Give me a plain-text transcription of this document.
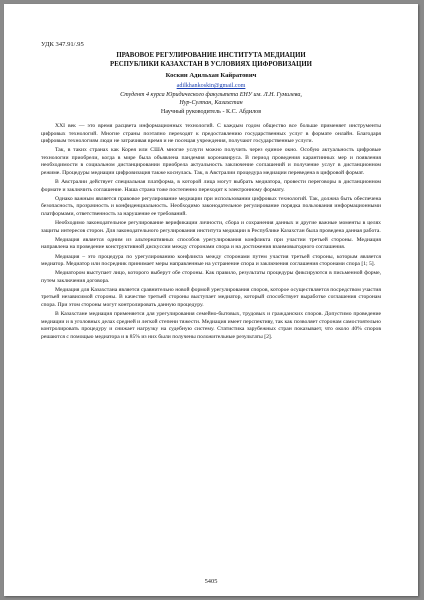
УДК 347.91/.95
ПРАВОВОЕ РЕГУЛИРОВАНИЕ ИНСТИТУТА МЕДИАЦИИ
РЕСПУБЛИКИ КАЗАХСТАН В УСЛОВИЯХ ЦИФРОВИЗАЦИИ
Коскин Адильхан Кайратович
adilkhankoskin@gmail.com
Студент 4 курса Юридического факультета ЕНУ им. Л.Н. Гумилева,
Нур-Султан, Казахстан
Научный руководитель - К.С. Абдилов

XXI век — это время расцвета информационных технологий. С каждым годом общество все больше применяет инструменты цифровых технологий. Многие страны поэтапно переходят к предоставлению государственных услуг в формате онлайн. Благодаря цифровым технологиям люди не затрачивая время и не посещая учреждения, получают государственные услуги.

Так, в таких странах как Корея или США многие услуги можно получить через единое окно. Особую актуальность цифровые технологии приобрели, когда в мире была объявлена пандемия коронавируса. В период проведения карантинных мер и появления необходимости в социальном дистанцировании приобрела актуальность заключение соглашений и получение услуг в дистанционном режиме. Процедуры медиации цифровизация также коснулась. Так, в Австралии процедура медиации переведена в цифровой формат.

В Австралии действует специальная платформа, в которой лица могут выбрать медиатора, провести переговоры в дистанционном формате и заключить соглашение. Наша страна тоже постепенно переходит к электронному формату.

Однако важным является правовое регулирование медиации при использовании цифровых технологий. Так, должна быть обеспечена безопасность, прозрачность и конфиденциальность. Необходимо законодательное регулирование порядка пользования информационными платформами, ответственность за нарушение ее требований.

Необходимо законодательное регулирование верификации личности, сбора и сохранения данных и другие важные моменты в целях защиты интересов сторон. Для законодательного регулирования института медиации в Республике Казахстан была проведена данная работа.

Медиация является одним из альтернативных способов урегулирования конфликта при участии третьей стороны. Медиация направлена на проведение конструктивной дискуссии между сторонами спора и на достижения взаимовыгодного соглашения.

Медиация – это процедура по урегулированию конфликта между сторонами путем участия третьей стороны, которым является медиатор. Медиатор или посредник принимает меры направленные на устранение спора и заключения соглашения сторонами спора [1; 5].

Медиатором выступает лицо, которого выберут обе стороны. Как правило, результаты процедуры фиксируются в письменной форме, путем заключения договора.

Медиация для Казахстана является сравнительно новой формой урегулирования споров, которое осуществляется посредством участия третьей независимой стороны. В качестве третьей стороны выступает медиатор, который способствует выработке соглашения сторонам спора. При этом стороны могут контролировать данную процедуру.

В Казахстане медиация применяется для урегулирования семейно-бытовых, трудовых и гражданских споров. Допустимо проведение медиации и в уголовных делах средней и легкой степени тяжести. Медиация имеет перспективу, так как позволяет сторонам самостоятельно контролировать процедуру и снижает нагрузку на судебную систему. Статистика зарубежных стран показывает, что около 40% споров решаются с помощью медиатора и в 85% из них были получены положительные результаты [2].

5405
